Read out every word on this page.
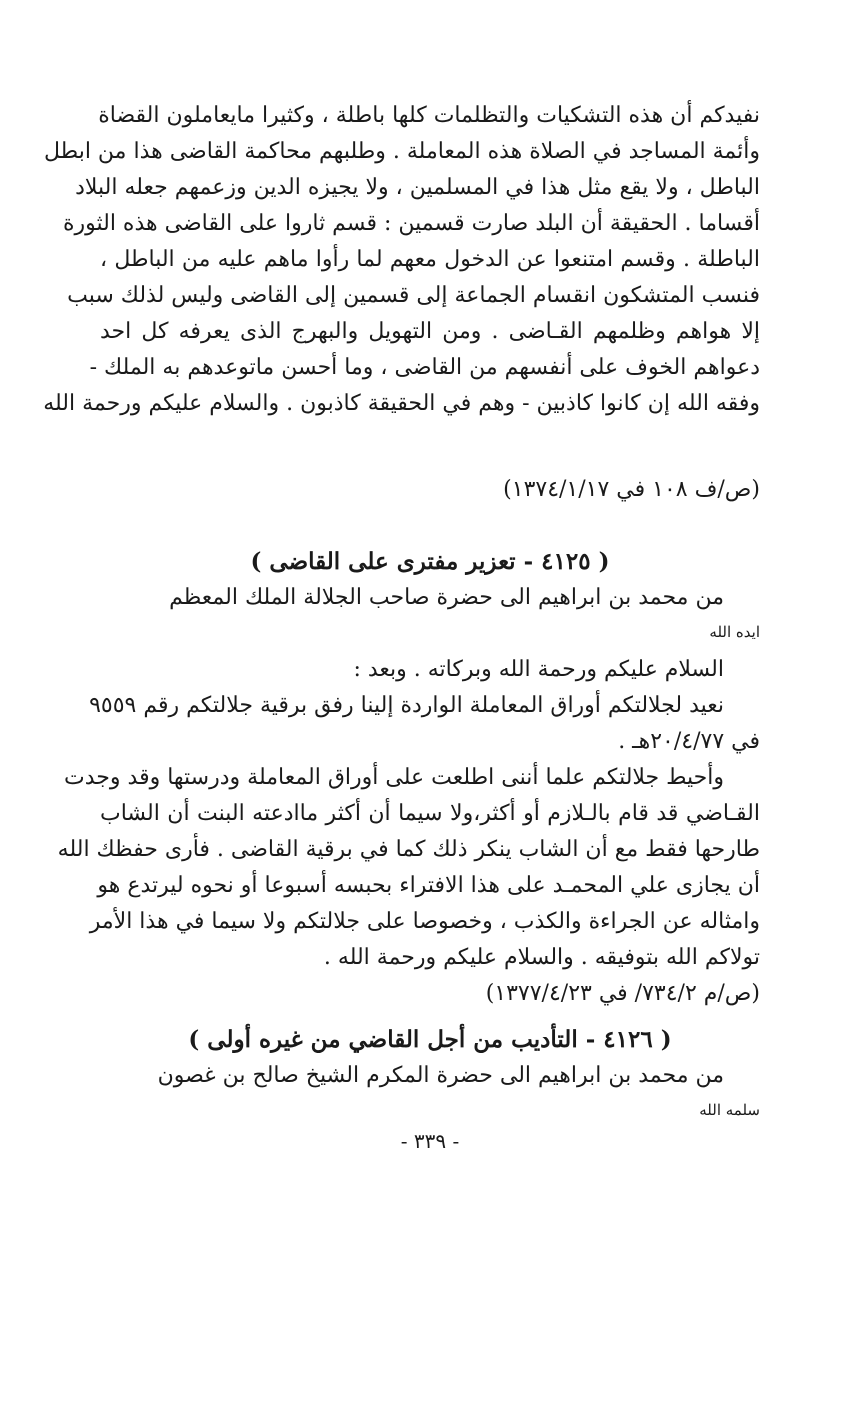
نفيدكم أن هذه التشكيات والتظلمات كلها باطلة ، وكثيرا مايعاملون القضاة
وأئمة المساجد في الصلاة هذه المعاملة . وطلبهم محاكمة القاضى هذا من ابطل
الباطل ، ولا يقع مثل هذا في المسلمين ، ولا يجيزه الدين وزعمهم جعله البلاد
أقساما . الحقيقة أن البلد صارت قسمين : قسم ثاروا على القاضى هذه الثورة
الباطلة . وقسم امتنعوا عن الدخول معهم لما رأوا ماهم عليه من الباطل ،
فنسب المتشكون انقسام الجماعة إلى قسمين إلى القاضى وليس لذلك سبب
إلا هواهم وظلمهم القـاضى . ومن التهويل والبهرج الذى يعرفه كل احد
دعواهم الخوف على أنفسهم من القاضى ، وما أحسن ماتوعدهم به الملك -
وفقه الله إن كانوا كاذبين - وهم في الحقيقة كاذبون . والسلام عليكم ورحمة الله
(ص/ف ١٠٨ في ١٣٧٤/١/١٧)
( ٤١٢٥ - تعزير مفترى على القاضى )
من محمد بن ابراهيم الى حضرة صاحب الجلالة الملك المعظم
ايده الله
السلام عليكم ورحمة الله وبركاته . وبعد :
نعيد لجلالتكم أوراق المعاملة الواردة إلينا رفق برقية جلالتكم رقم ٩٥٥٩
في ٢٠/٤/٧٧هـ .
وأحيط جلالتكم علما أننى اطلعت على أوراق المعاملة ودرستها وقد وجدت
القـاضي قد قام بالـلازم أو أكثر،ولا سيما أن أكثر ماادعته البنت أن الشاب
طارحها فقط مع أن الشاب ينكر ذلك كما في برقية القاضى . فأرى حفظك الله
أن يجازى علي المحمـد على هذا الافتراء بحبسه أسبوعا أو نحوه ليرتدع هو
وامثاله عن الجراءة والكذب ، وخصوصا على جلالتكم ولا سيما في هذا الأمر
تولاكم الله بتوفيقه . والسلام عليكم ورحمة الله .
(ص/م ٧٣٤/٢/ في ١٣٧٧/٤/٢٣)
( ٤١٢٦ - التأديب من أجل القاضي من غيره أولى )
من محمد بن ابراهيم الى حضرة المكرم الشيخ صالح بن غصون
سلمه الله
- ٣٣٩ -
